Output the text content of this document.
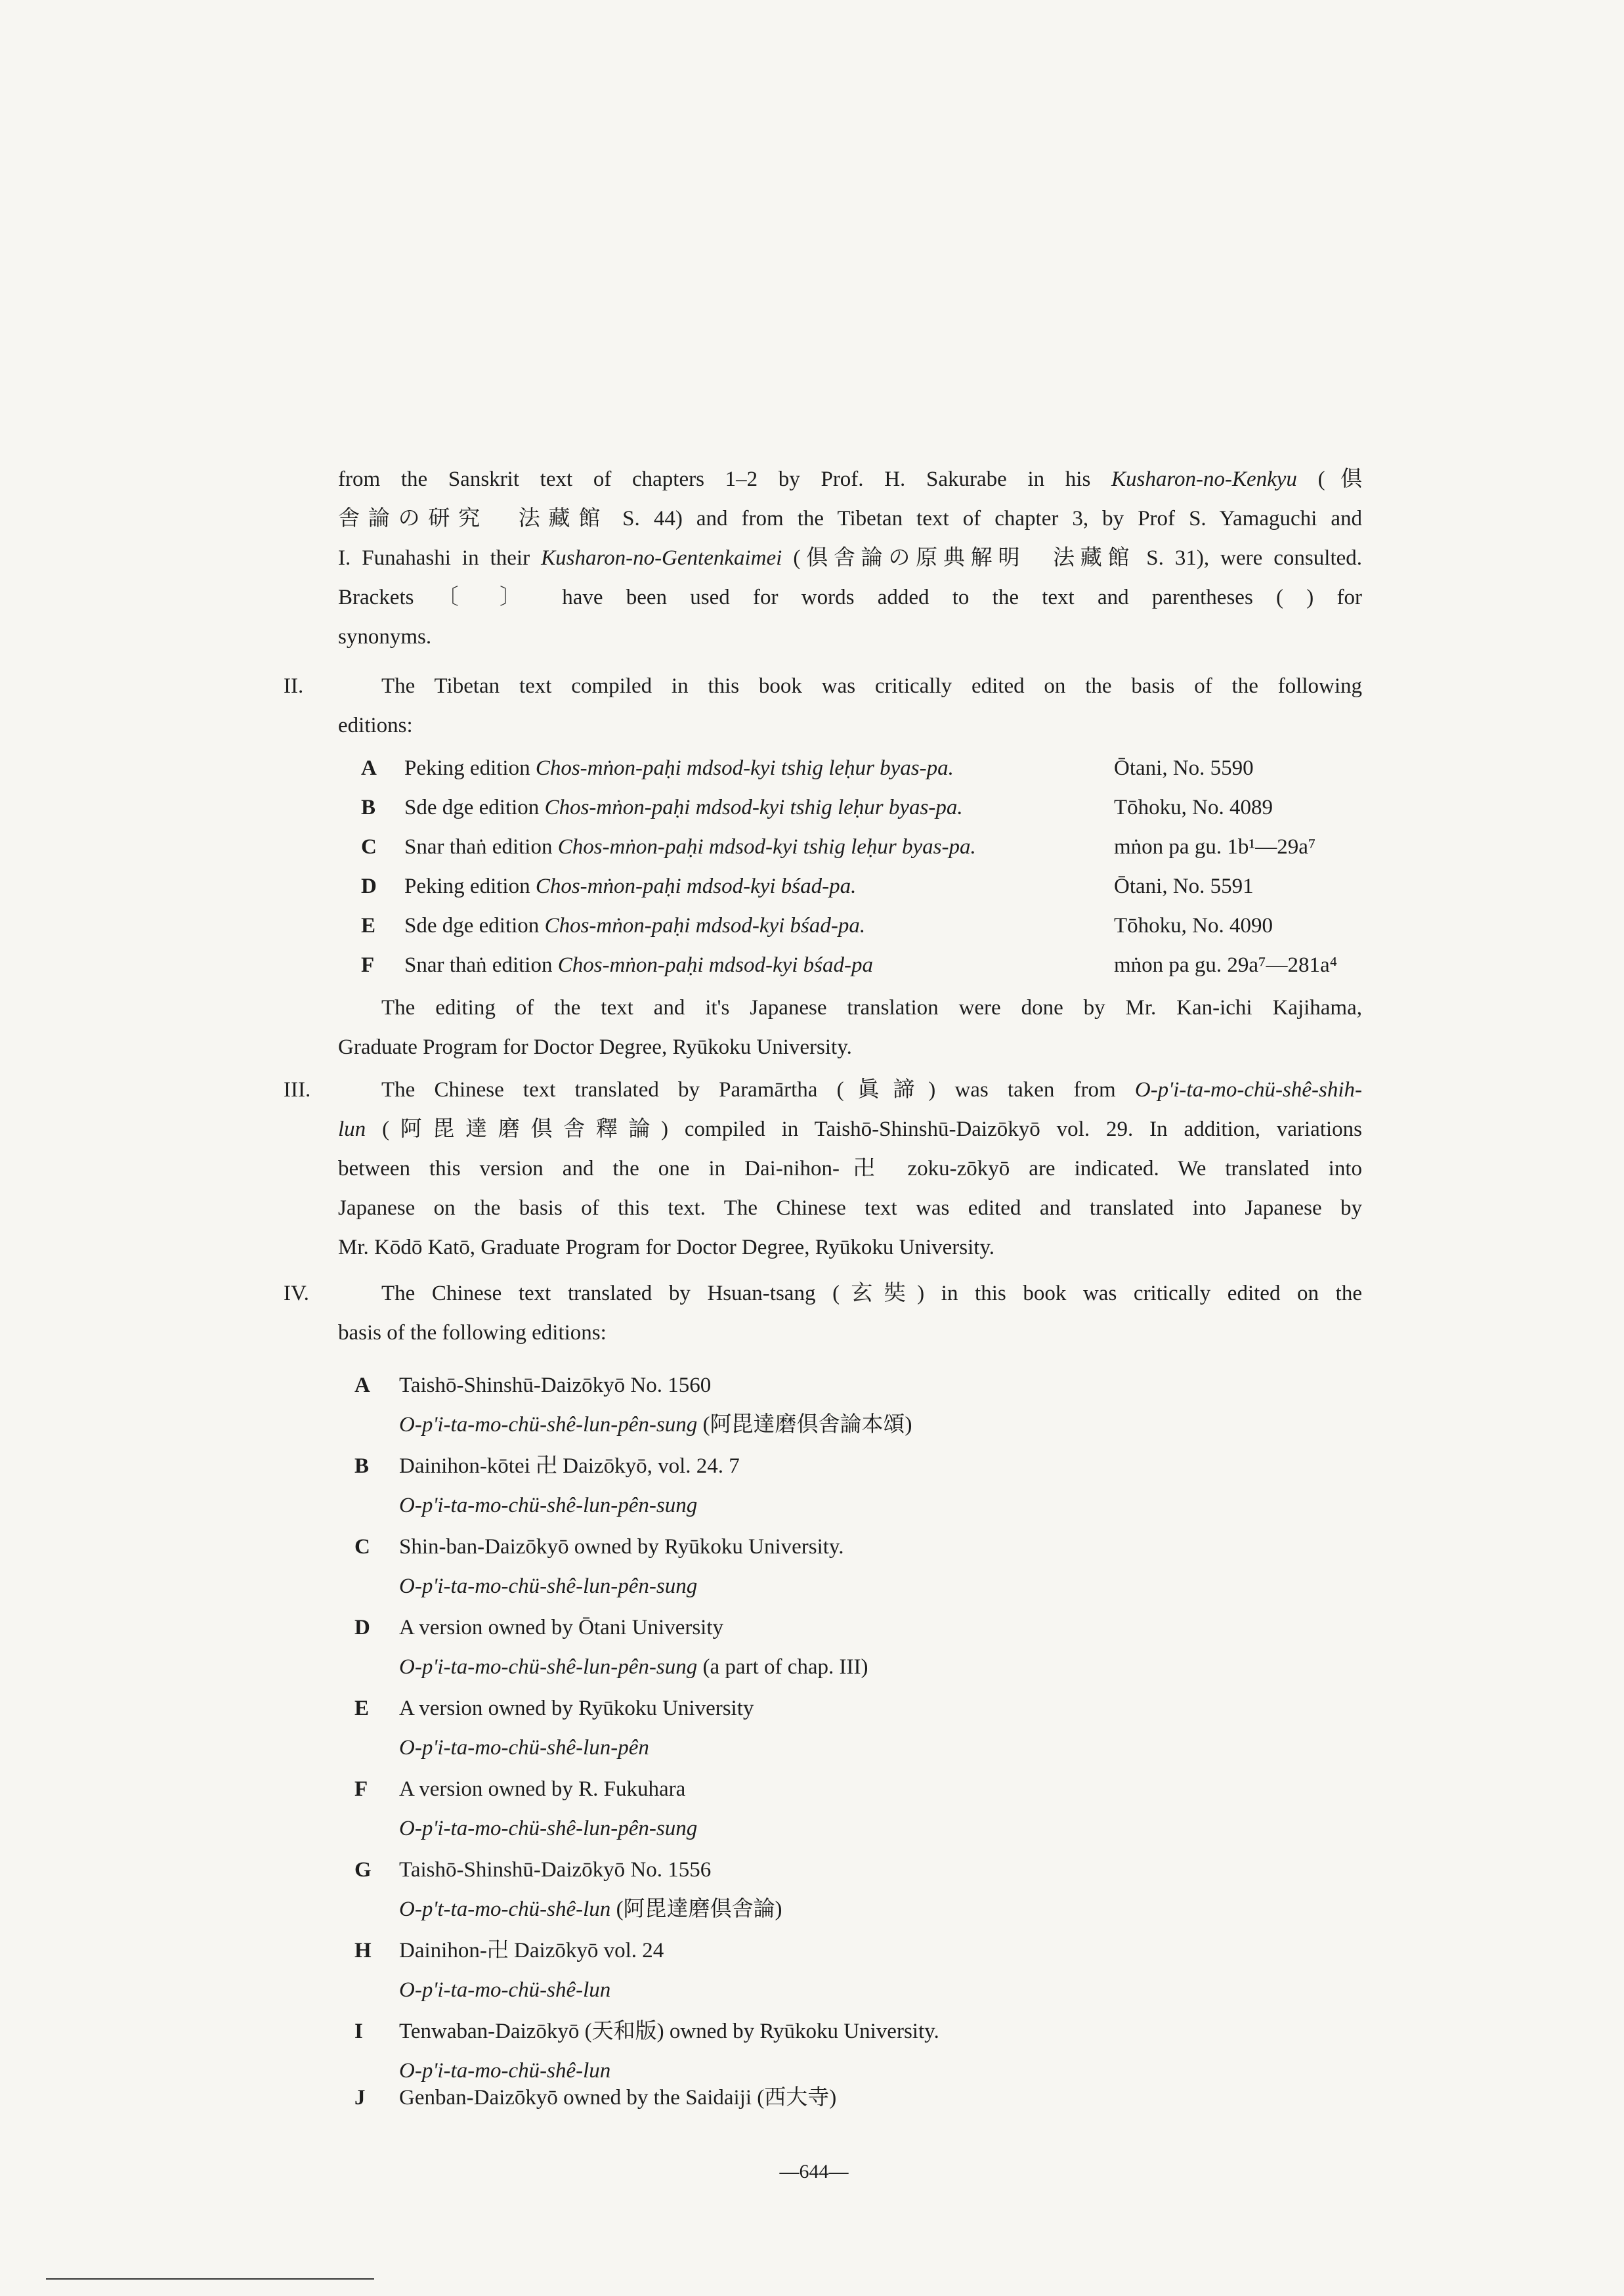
from the Sanskrit text of chapters 1–2 by Prof. H. Sakurabe in his Kusharon-no-Kenkyu (倶
舎論の研究　法藏館 S. 44) and from the Tibetan text of chapter 3, by Prof S. Yamaguchi and
I. Funahashi in their Kusharon-no-Gentenkaimei (倶舎論の原典解明　法藏館 S. 31), were consulted.
Brackets 〔 〕 have been used for words added to the text and parentheses ( ) for
synonyms.
II.	The Tibetan text compiled in this book was critically edited on the basis of the following
editions:
A	Peking edition Chos-mṅon-paḥi mdsod-kyi tshig leḥur byas-pa.	Ōtani, No. 5590
B	Sde dge edition Chos-mṅon-paḥi mdsod-kyi tshig leḥur byas-pa.	Tōhoku, No. 4089
C	Snar thaṅ edition Chos-mṅon-paḥi mdsod-kyi tshig leḥur byas-pa.	mṅon pa gu. 1b¹—29a⁷
D	Peking edition Chos-mṅon-paḥi mdsod-kyi bśad-pa.	Ōtani, No. 5591
E	Sde dge edition Chos-mṅon-paḥi mdsod-kyi bśad-pa.	Tōhoku, No. 4090
F	Snar thaṅ edition Chos-mṅon-paḥi mdsod-kyi bśad-pa	mṅon pa gu. 29a⁷—281a⁴
The editing of the text and it's Japanese translation were done by Mr. Kan-ichi Kajihama,
Graduate Program for Doctor Degree, Ryūkoku University.
III.	The Chinese text translated by Paramārtha (眞諦) was taken from O-p'i-ta-mo-chü-shê-shih-
lun (阿毘達磨倶舎釋論) compiled in Taishō-Shinshū-Daizōkyō vol. 29. In addition, variations
between this version and the one in Dai-nihon-卍 zoku-zōkyō are indicated. We translated into
Japanese on the basis of this text. The Chinese text was edited and translated into Japanese by
Mr. Kōdō Katō, Graduate Program for Doctor Degree, Ryūkoku University.
IV.	The Chinese text translated by Hsuan-tsang (玄奘) in this book was critically edited on the
basis of the following editions:
A	Taishō-Shinshū-Daizōkyō No. 1560
O-p'i-ta-mo-chü-shê-lun-pên-sung (阿毘達磨倶舎論本頌)
B	Dainihon-kōtei 卍 Daizōkyō, vol. 24. 7
O-p'i-ta-mo-chü-shê-lun-pên-sung
C	Shin-ban-Daizōkyō owned by Ryūkoku University.
O-p'i-ta-mo-chü-shê-lun-pên-sung
D	A version owned by Ōtani University
O-p'i-ta-mo-chü-shê-lun-pên-sung (a part of chap. III)
E	A version owned by Ryūkoku University
O-p'i-ta-mo-chü-shê-lun-pên
F	A version owned by R. Fukuhara
O-p'i-ta-mo-chü-shê-lun-pên-sung
G	Taishō-Shinshū-Daizōkyō No. 1556
O-p't-ta-mo-chü-shê-lun (阿毘達磨倶舎論)
H	Dainihon-卍 Daizōkyō vol. 24
O-p'i-ta-mo-chü-shê-lun
I	Tenwaban-Daizōkyō (天和版) owned by Ryūkoku University.
O-p'i-ta-mo-chü-shê-lun
J	Genban-Daizōkyō owned by the Saidaiji (西大寺)
—644—
